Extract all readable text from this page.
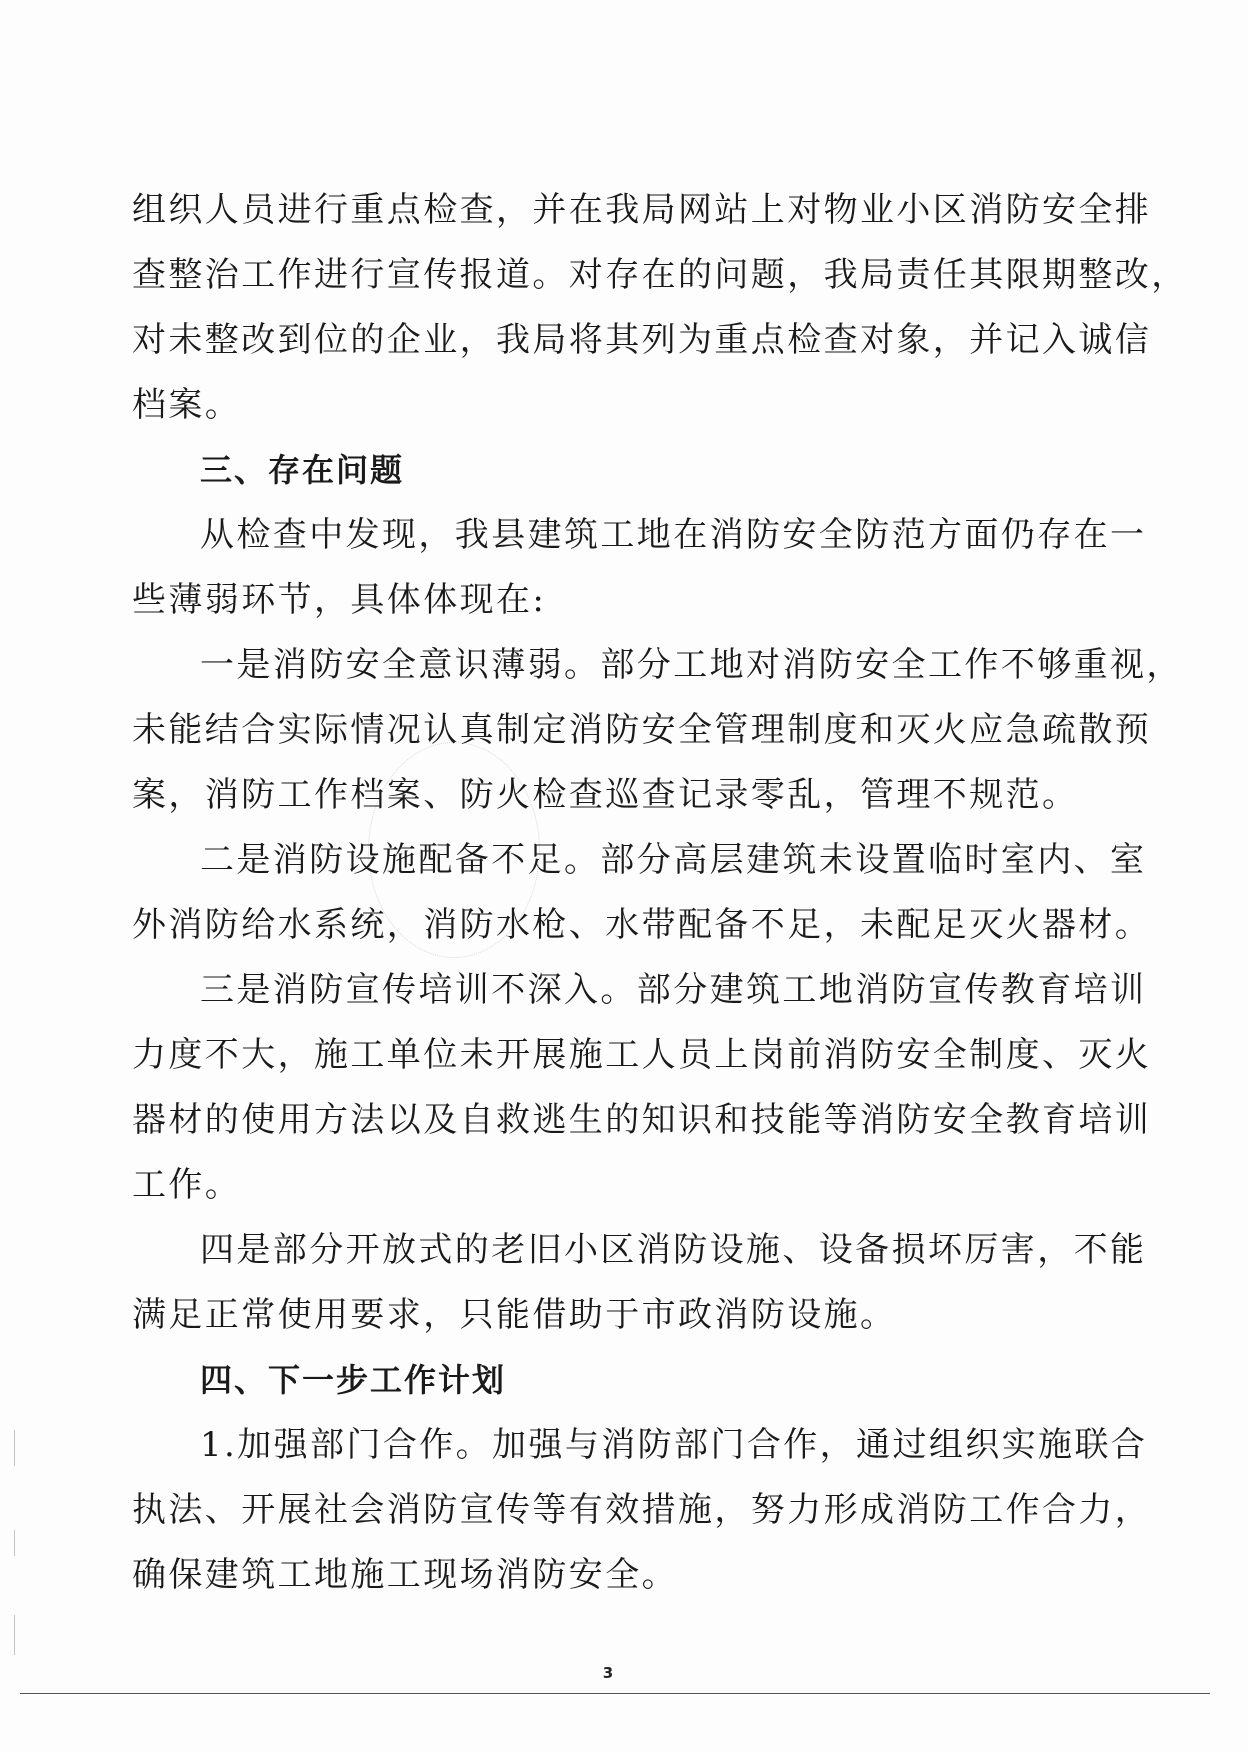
组织人员进行重点检查，并在我局网站上对物业小区消防安全排
查整治工作进行宣传报道。对存在的问题，我局责任其限期整改，
对未整改到位的企业，我局将其列为重点检查对象，并记入诚信
档案。
三、存在问题
从检查中发现，我县建筑工地在消防安全防范方面仍存在一
些薄弱环节，具体体现在:
一是消防安全意识薄弱。部分工地对消防安全工作不够重视，
未能结合实际情况认真制定消防安全管理制度和灭火应急疏散预
案，消防工作档案、防火检查巡查记录零乱，管理不规范。
二是消防设施配备不足。部分高层建筑未设置临时室内、室
外消防给水系统，消防水枪、水带配备不足，未配足灭火器材。
三是消防宣传培训不深入。部分建筑工地消防宣传教育培训
力度不大，施工单位未开展施工人员上岗前消防安全制度、灭火
器材的使用方法以及自救逃生的知识和技能等消防安全教育培训
工作。
四是部分开放式的老旧小区消防设施、设备损坏厉害，不能
满足正常使用要求，只能借助于市政消防设施。
四、下一步工作计划
1.加强部门合作。加强与消防部门合作，通过组织实施联合
执法、开展社会消防宣传等有效措施，努力形成消防工作合力，
确保建筑工地施工现场消防安全。
3
